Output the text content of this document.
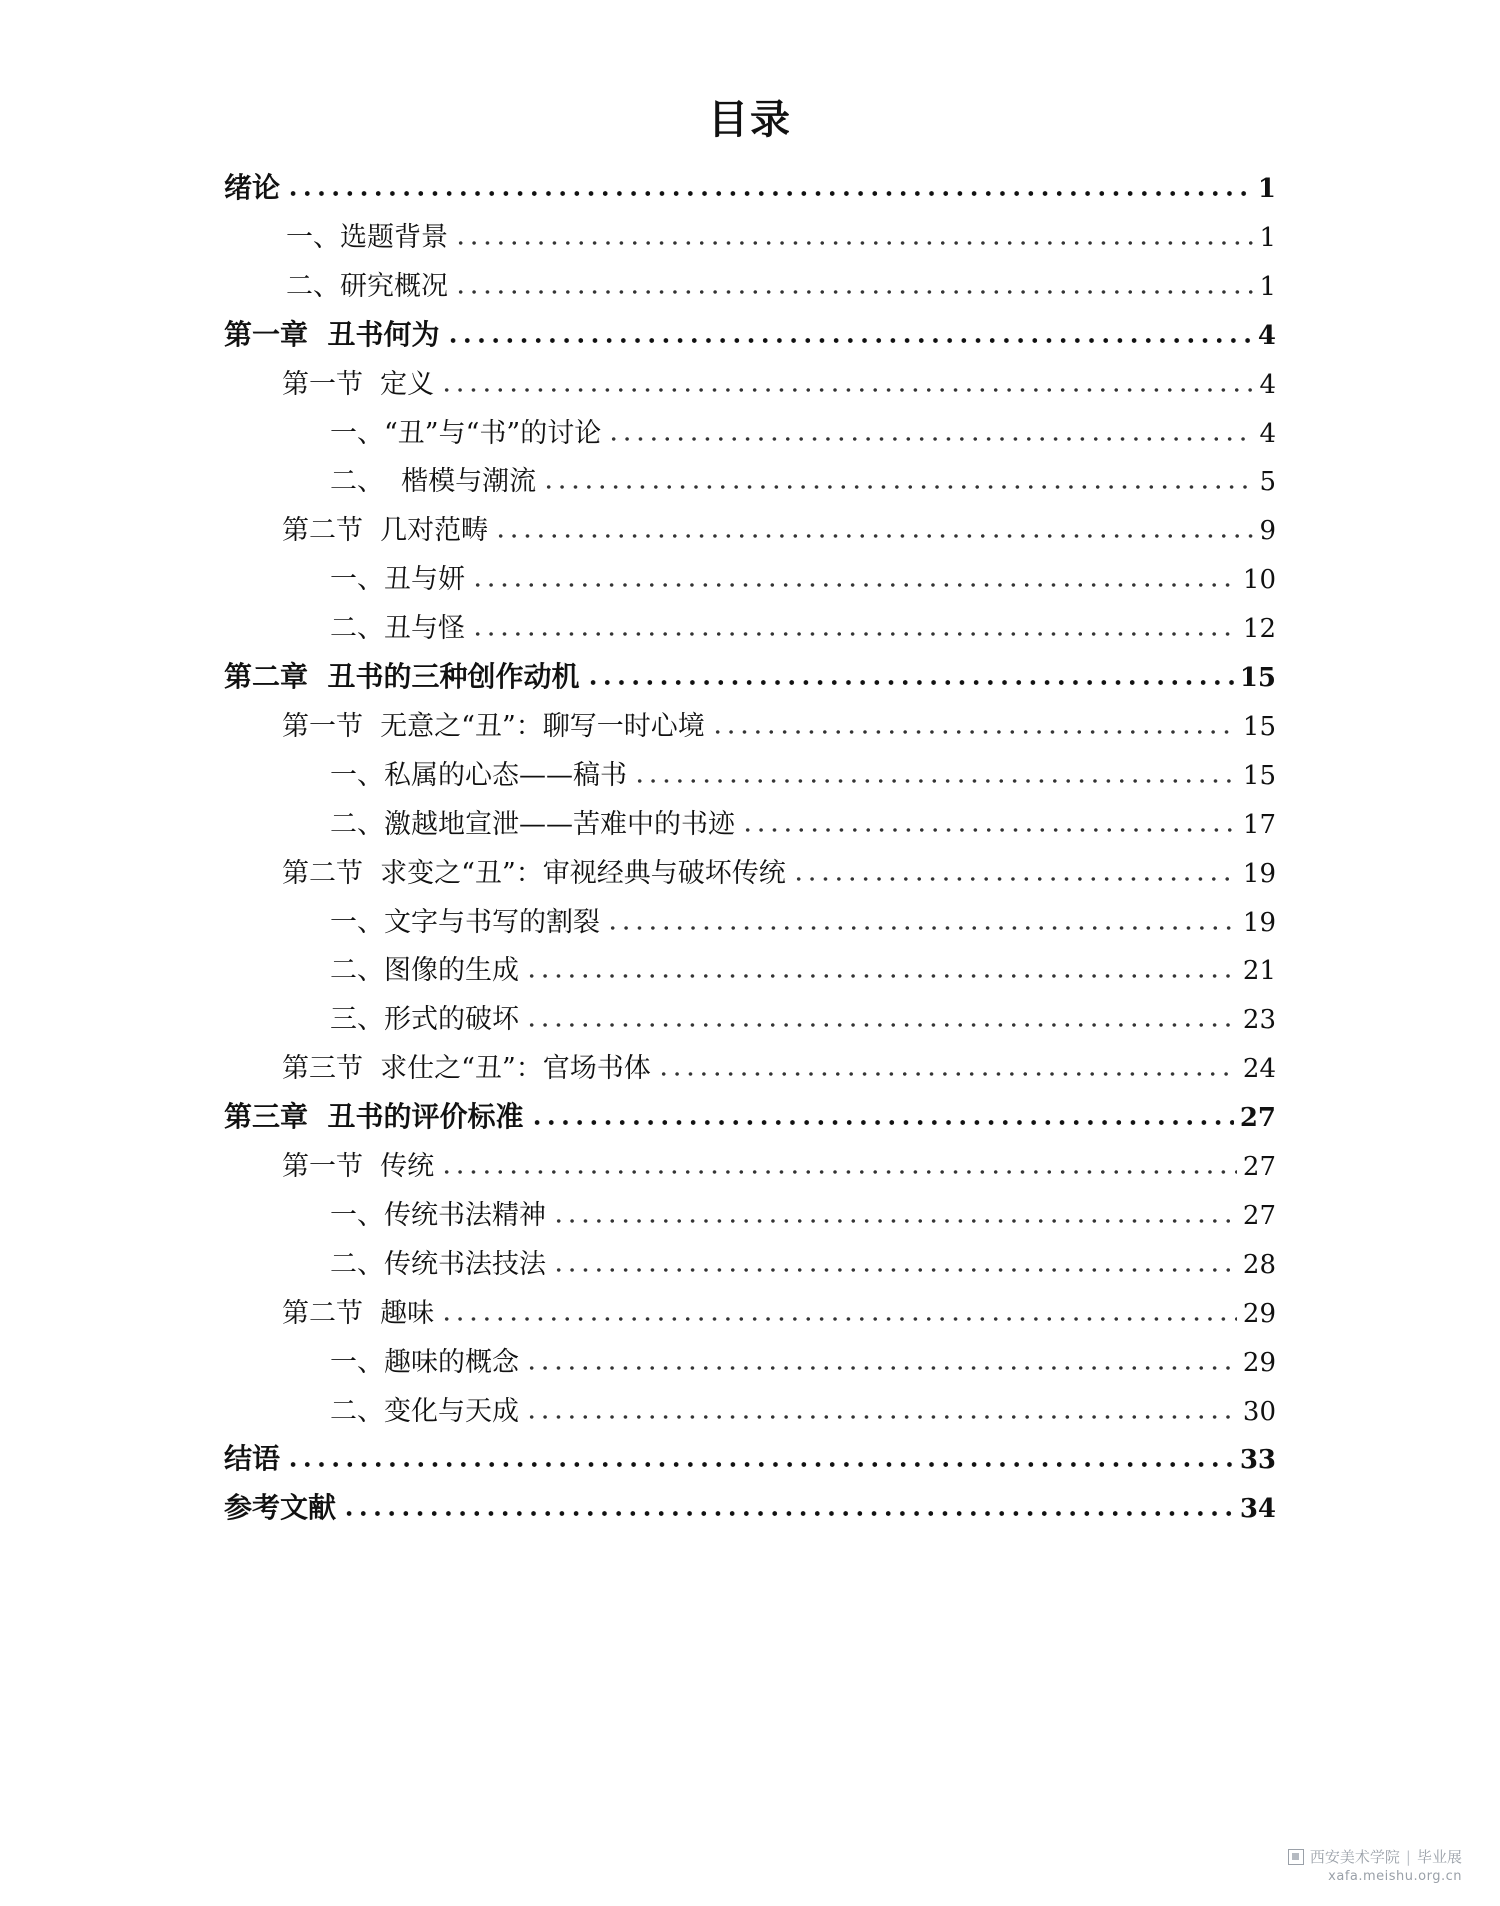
目录
绪论	1
一、选题背景	1
二、研究概况	1
第一章  丑书何为	4
第一节  定义	4
一、“丑”与“书”的讨论	4
二、  楷模与潮流	5
第二节  几对范畴	9
一、丑与妍	10
二、丑与怪	12
第二章  丑书的三种创作动机	15
第一节  无意之“丑”：聊写一时心境	15
一、私属的心态——稿书	15
二、激越地宣泄——苦难中的书迹	17
第二节  求变之“丑”：审视经典与破坏传统	19
一、文字与书写的割裂	19
二、图像的生成	21
三、形式的破坏	23
第三节  求仕之“丑”：官场书体	24
第三章  丑书的评价标准	27
第一节  传统	27
一、传统书法精神	27
二、传统书法技法	28
第二节  趣味	29
一、趣味的概念	29
二、变化与天成	30
结语	33
参考文献	34
西安美术学院 | 毕业展
xafa.meishu.org.cn
